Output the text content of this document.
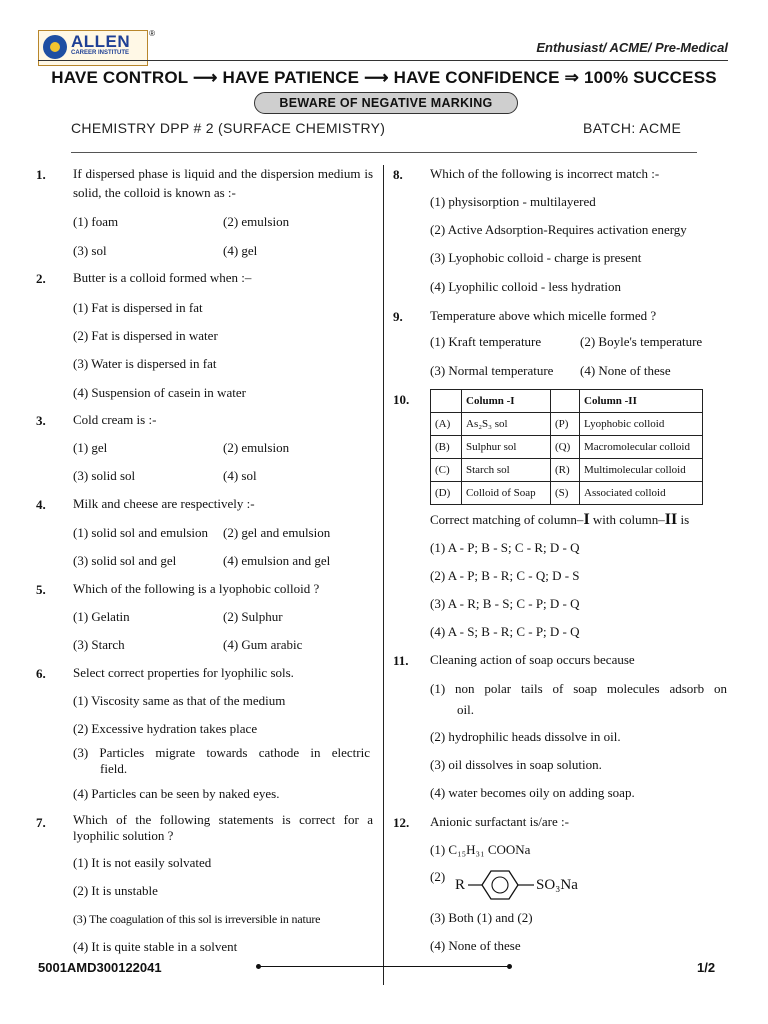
ALLEN
CAREER INSTITUTE
®
Enthusiast/ ACME/ Pre-Medical
HAVE CONTROL ⟶ HAVE PATIENCE ⟶ HAVE CONFIDENCE ⇒ 100% SUCCESS
BEWARE OF NEGATIVE MARKING
CHEMISTRY DPP # 2 (SURFACE CHEMISTRY)	BATCH: ACME
1. If dispersed phase is liquid and the dispersion medium is solid, the colloid is known as :-
(1) foam	(2) emulsion
(3) sol	(4) gel
2. Butter is a colloid formed when :–
(1) Fat is dispersed in fat
(2) Fat is dispersed in water
(3) Water is dispersed in fat
(4) Suspension of casein in water
3. Cold cream is :-
(1) gel	(2) emulsion
(3) solid sol	(4) sol
4. Milk and cheese are respectively :-
(1) solid sol and emulsion (2) gel and emulsion
(3) solid sol and gel	(4) emulsion and gel
5. Which of the following is a lyophobic colloid ?
(1) Gelatin	(2) Sulphur
(3) Starch	(4) Gum arabic
6. Select correct properties for lyophilic sols.
(1) Viscosity same as that of the medium
(2) Excessive hydration takes place
(3) Particles migrate towards cathode in electric
field.
(4) Particles can be seen by naked eyes.
7. Which of the following statements is correct for a
lyophilic solution ?
(1) It is not easily solvated
(2) It is unstable
(3) The coagulation of this sol is irreversible in nature
(4) It is quite stable in a solvent
8. Which of the following is incorrect match :-
(1) physisorption - multilayered
(2) Active Adsorption-Requires activation energy
(3) Lyophobic colloid - charge is present
(4) Lyophilic colloid - less hydration
9. Temperature above which micelle formed ?
(1) Kraft temperature	(2) Boyle's temperature
(3) Normal temperature (4) None of these
10.
		Column -I		Column -II
(A)	As₂S₃ sol	(P)	Lyophobic colloid
(B)	Sulphur sol	(Q)	Macromolecular colloid
(C)	Starch sol	(R)	Multimolecular colloid
(D)	Colloid of Soap	(S)	Associated colloid
Correct matching of column–I with column–II is
(1) A - P; B - S; C - R; D - Q
(2) A - P; B - R; C - Q; D - S
(3) A - R; B - S; C - P; D - Q
(4) A - S; B - R; C - P; D - Q
11. Cleaning action of soap occurs because
(1) non polar tails of soap molecules adsorb on
oil.
(2) hydrophilic heads dissolve in oil.
(3) oil dissolves in soap solution.
(4) water becomes oily on adding soap.
12. Anionic surfactant is/are :-
(1) C₁₅H₃₁ COONa
(2)
R	SO₃Na
(3) Both (1) and (2)
(4) None of these
5001AMD300122041	1/2
